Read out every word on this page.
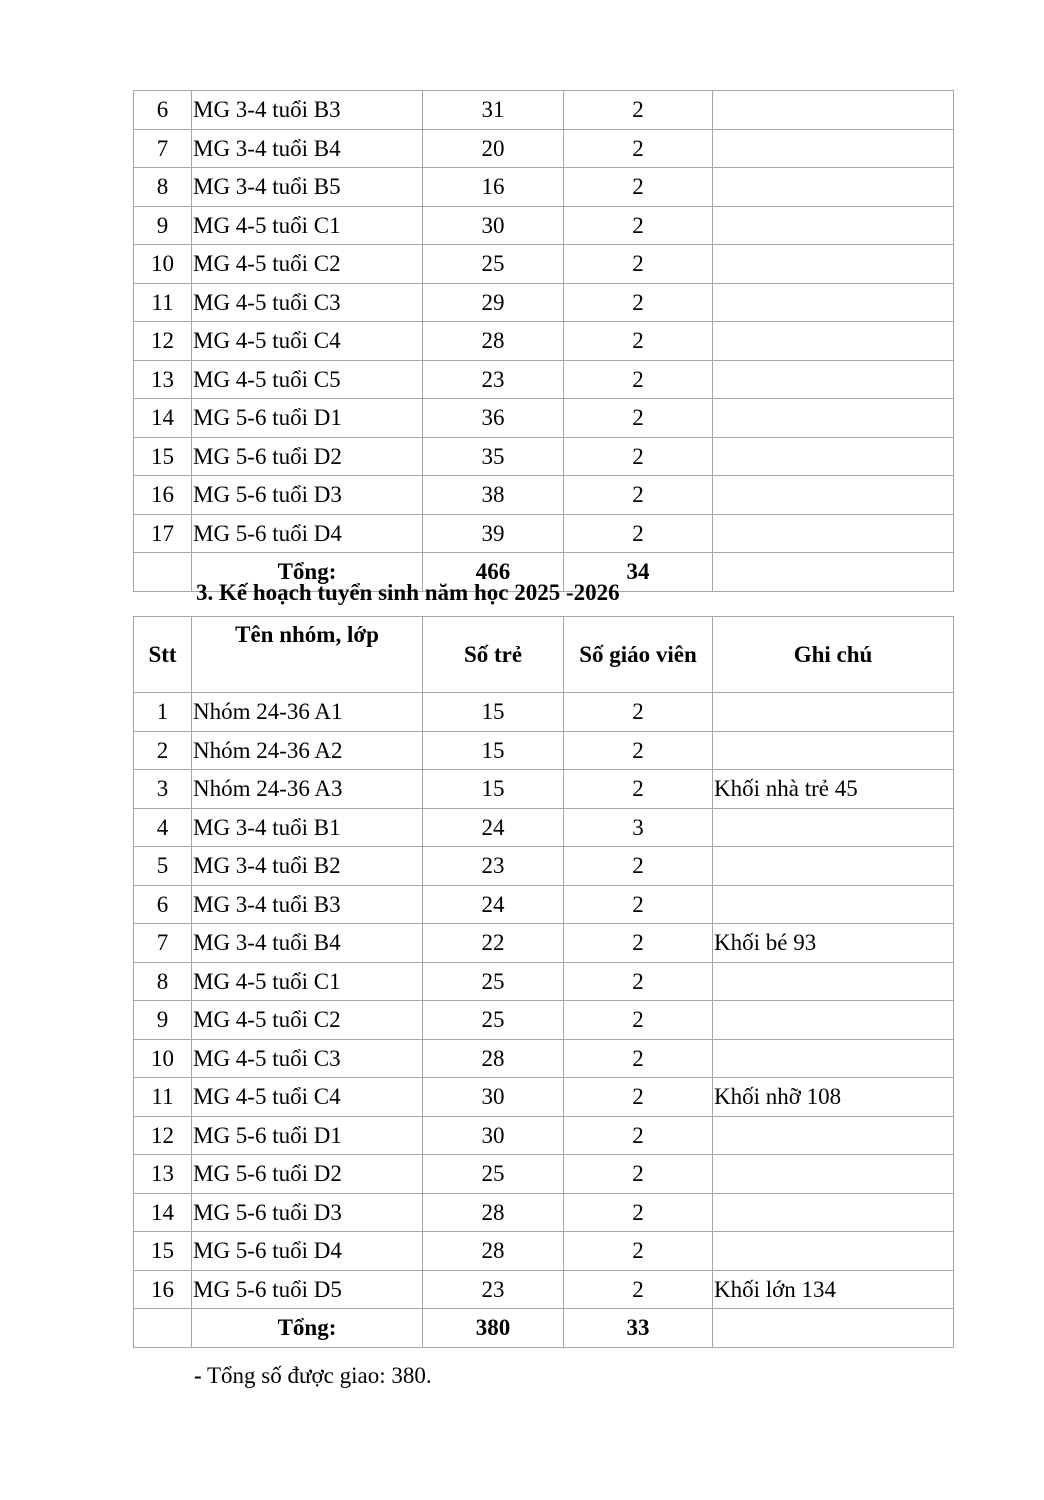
6	MG 3-4 tuổi B3	31	2	
7	MG 3-4 tuổi B4	20	2	
8	MG 3-4 tuổi B5	16	2	
9	MG 4-5 tuổi C1	30	2	
10	MG 4-5 tuổi C2	25	2	
11	MG 4-5 tuổi C3	29	2	
12	MG 4-5 tuổi C4	28	2	
13	MG 4-5 tuổi C5	23	2	
14	MG 5-6 tuổi D1	36	2	
15	MG 5-6 tuổi D2	35	2	
16	MG 5-6 tuổi D3	38	2	
17	MG 5-6 tuổi D4	39	2	
	Tổng:	466	34	

3. Kế hoạch tuyển sinh năm học 2025 -2026

Stt	Tên nhóm, lớp	Số trẻ	Số giáo viên	Ghi chú
1	Nhóm 24-36 A1	15	2	
2	Nhóm 24-36 A2	15	2	
3	Nhóm 24-36 A3	15	2	Khối nhà trẻ 45
4	MG 3-4 tuổi B1	24	3	
5	MG 3-4 tuổi B2	23	2	
6	MG 3-4 tuổi B3	24	2	
7	MG 3-4 tuổi B4	22	2	Khối bé 93
8	MG 4-5 tuổi C1	25	2	
9	MG 4-5 tuổi C2	25	2	
10	MG 4-5 tuổi C3	28	2	
11	MG 4-5 tuổi C4	30	2	Khối nhỡ 108
12	MG 5-6 tuổi D1	30	2	
13	MG 5-6 tuổi D2	25	2	
14	MG 5-6 tuổi D3	28	2	
15	MG 5-6 tuổi D4	28	2	
16	MG 5-6 tuổi D5	23	2	Khối lớn 134
	Tổng:	380	33	

- Tổng số được giao: 380.
